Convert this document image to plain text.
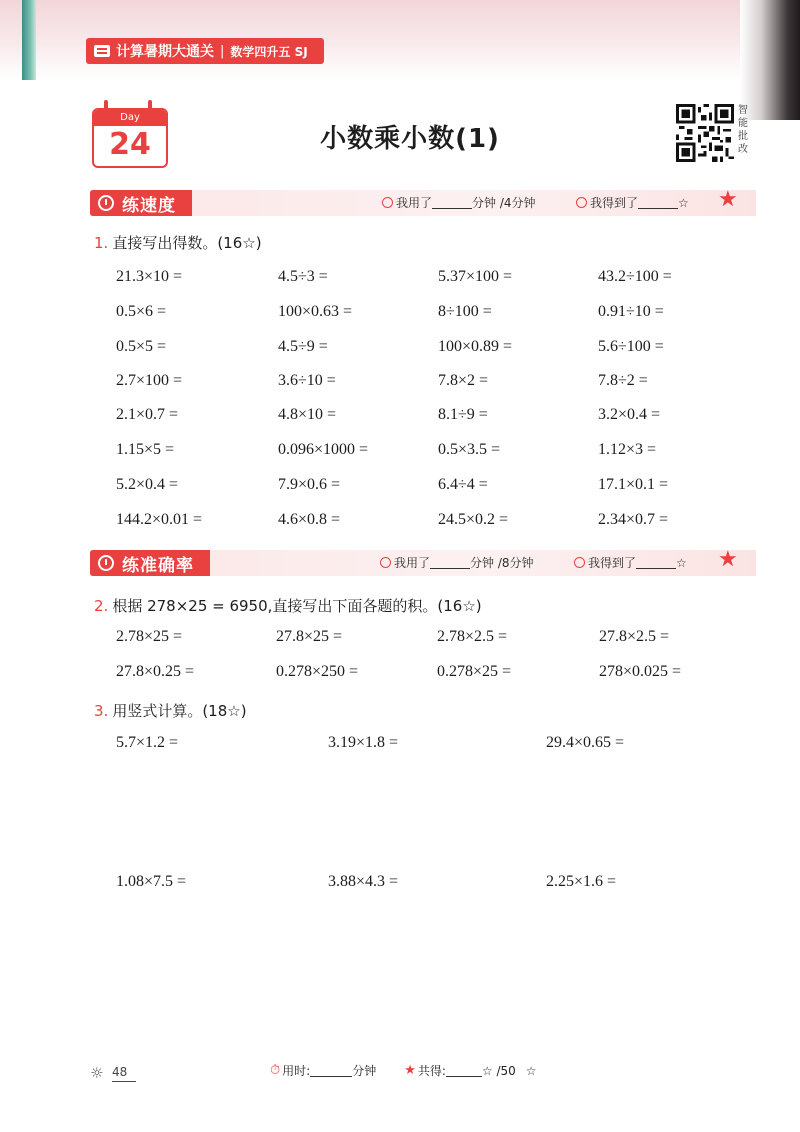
计算暑期大通关 | 数学四升五 SJ
Day
24	小数乘小数(1)
智能批改
练速度	我用了	分钟 /4分钟	我得到了	☆ ★
1. 直接写出得数。(16☆)
21.3×10 =	4.5÷3 =	5.37×100 =	43.2÷100 =
0.5×6 =	100×0.63 =	8÷100 =	0.91÷10 =
0.5×5 =	4.5÷9 =	100×0.89 =	5.6÷100 =
2.7×100 =	3.6÷10 =	7.8×2 =	7.8÷2 =
2.1×0.7 =	4.8×10 =	8.1÷9 =	3.2×0.4 =
1.15×5 =	0.096×1000 =	0.5×3.5 =	1.12×3 =
5.2×0.4 =	7.9×0.6 =	6.4÷4 =	17.1×0.1 =
144.2×0.01 =	4.6×0.8 =	24.5×0.2 =	2.34×0.7 =
练准确率	我用了	分钟 /8分钟	我得到了	☆ ★
2. 根据 278×25 = 6950,直接写出下面各题的积。(16☆)
2.78×25 =	27.8×25 =	2.78×2.5 =	27.8×2.5 =
27.8×0.25 =	0.278×250 =	0.278×25 =	278×0.025 =
3. 用竖式计算。(18☆)
5.7×1.2 =	3.19×1.8 =	29.4×0.65 =
1.08×7.5 =	3.88×4.3 =	2.25×1.6 =
⏱ 用时:	分钟 ★ 共得:	☆ /50 ☆
☼ 48
